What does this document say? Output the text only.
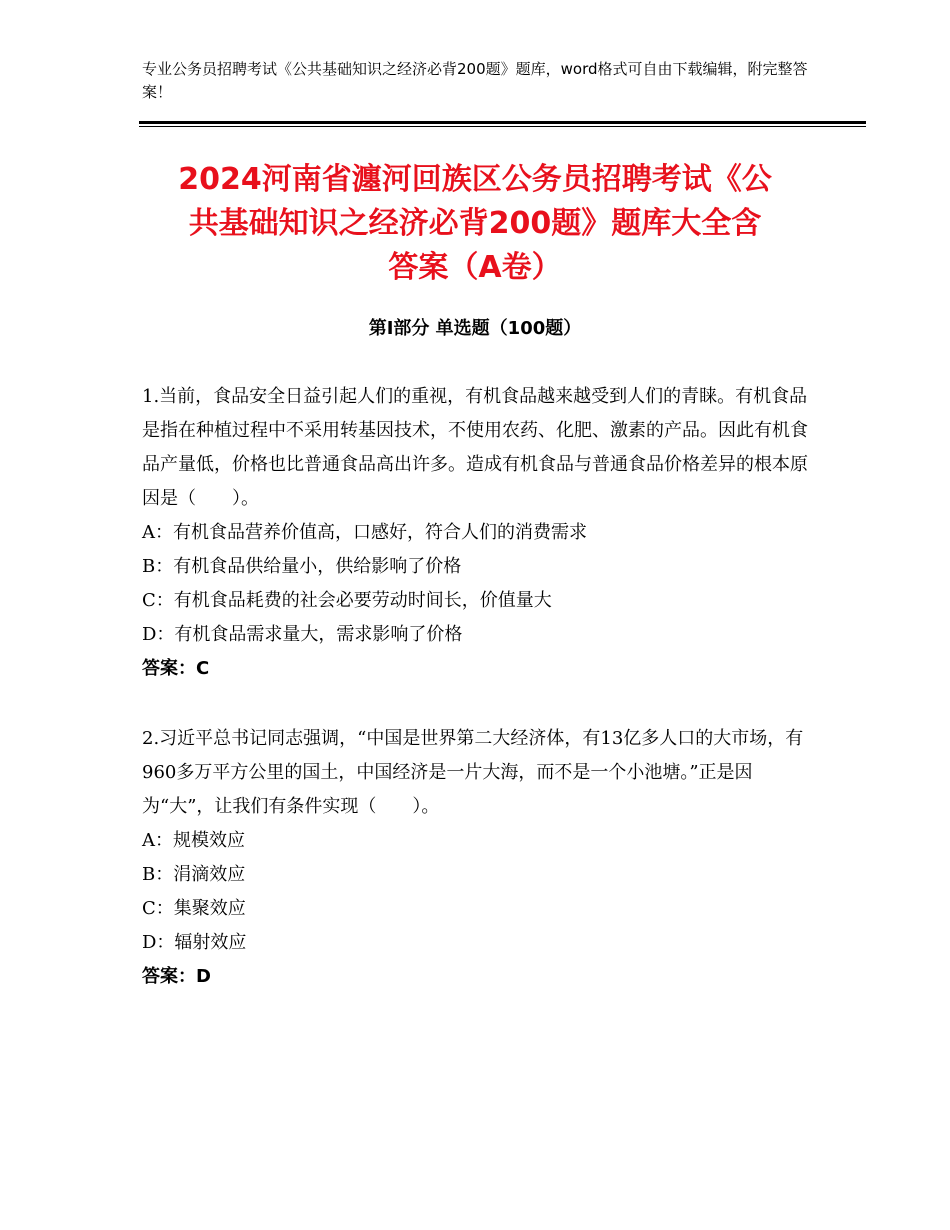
专业公务员招聘考试《公共基础知识之经济必背200题》题库，word格式可自由下载编辑，附完整答案！
2024河南省瀍河回族区公务员招聘考试《公
共基础知识之经济必背200题》题库大全含
答案（A卷）
第Ⅰ部分 单选题（100题）

1.当前，食品安全日益引起人们的重视，有机食品越来越受到人们的青睐。有机食品是指在种植过程中不采用转基因技术，不使用农药、化肥、激素的产品。因此有机食品产量低，价格也比普通食品高出许多。造成有机食品与普通食品价格差异的根本原因是（　　）。

A：有机食品营养价值高，口感好，符合人们的消费需求

B：有机食品供给量小，供给影响了价格

C：有机食品耗费的社会必要劳动时间长，价值量大

D：有机食品需求量大，需求影响了价格

答案：C

2.习近平总书记同志强调，“中国是世界第二大经济体，有13亿多人口的大市场，有960多万平方公里的国土，中国经济是一片大海，而不是一个小池塘。”正是因为“大”，让我们有条件实现（　　）。

A：规模效应

B：涓滴效应

C：集聚效应

D：辐射效应

答案：D
